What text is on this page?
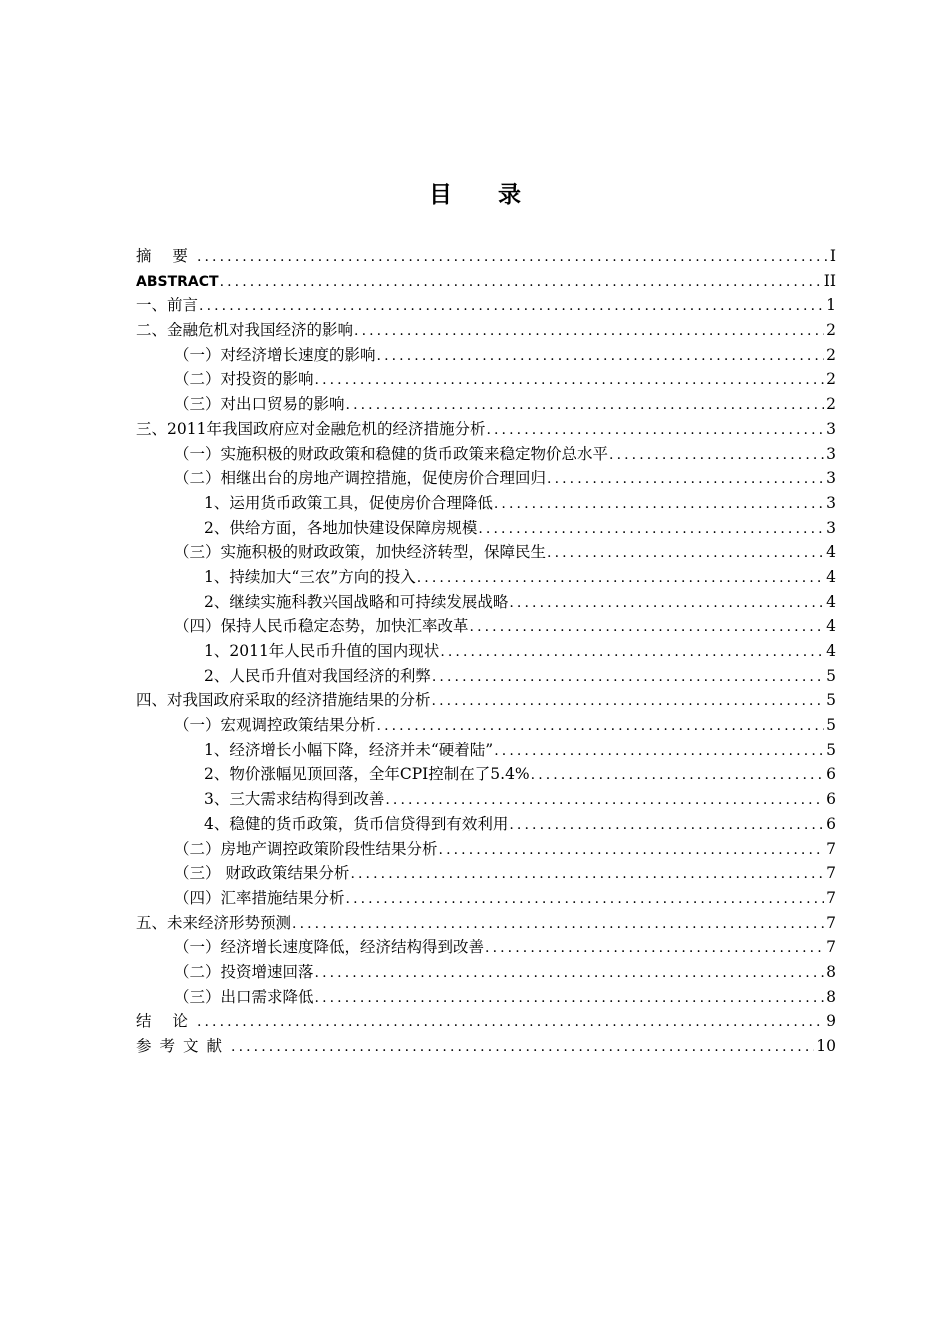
目 录
摘 要 .....	I
ABSTRACT .....	II
一、前言 .....	1
二、金融危机对我国经济的影响 .....	2
（一）对经济增长速度的影响 .....	2
（二）对投资的影响 .....	2
（三）对出口贸易的影响 .....	2
三、2011年我国政府应对金融危机的经济措施分析 .....	3
（一）实施积极的财政政策和稳健的货币政策来稳定物价总水平 .....	3
（二）相继出台的房地产调控措施，促使房价合理回归 .....	3
1、运用货币政策工具，促使房价合理降低 .....	3
2、供给方面，各地加快建设保障房规模 .....	3
（三）实施积极的财政政策，加快经济转型，保障民生 .....	4
1、持续加大“三农”方向的投入 .....	4
2、继续实施科教兴国战略和可持续发展战略 .....	4
（四）保持人民币稳定态势，加快汇率改革 .....	4
1、2011年人民币升值的国内现状 .....	4
2、人民币升值对我国经济的利弊 .....	5
四、对我国政府采取的经济措施结果的分析 .....	5
（一）宏观调控政策结果分析 .....	5
1、经济增长小幅下降，经济并未“硬着陆” .....	5
2、物价涨幅见顶回落，全年CPI控制在了5.4% .....	6
3、三大需求结构得到改善 .....	6
4、稳健的货币政策，货币信贷得到有效利用 .....	6
（二）房地产调控政策阶段性结果分析 .....	7
（三） 财政政策结果分析 .....	7
（四）汇率措施结果分析 .....	7
五、未来经济形势预测 .....	7
（一）经济增长速度降低，经济结构得到改善 .....	7
（二）投资增速回落 .....	8
（三）出口需求降低 .....	8
结 论 .....	9
参考文献 .....	10
